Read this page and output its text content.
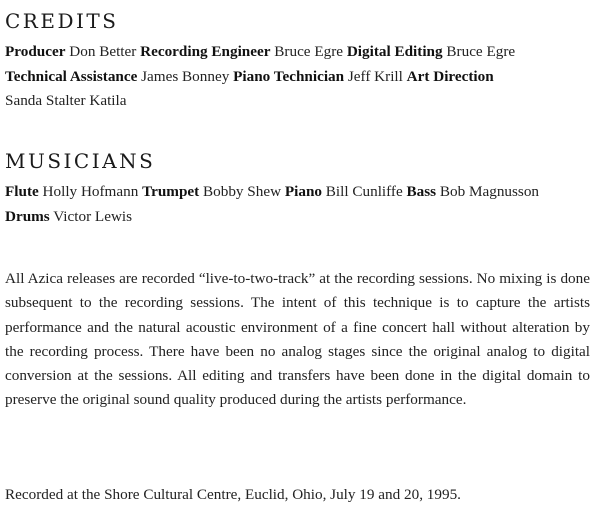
CREDITS
Producer Don Better Recording Engineer Bruce Egre Digital Editing Bruce Egre
Technical Assistance James Bonney Piano Technician Jeff Krill Art Direction
Sanda Stalter Katila
MUSICIANS
Flute Holly Hofmann Trumpet Bobby Shew Piano Bill Cunliffe Bass Bob Magnusson
Drums Victor Lewis

All Azica releases are recorded “live-to-two-track” at the recording sessions. No mixing is done subsequent to the recording sessions. The intent of this technique is to capture the artists performance and the natural acoustic environment of a fine concert hall without alteration by the recording process. There have been no analog stages since the original analog to digital conversion at the sessions. All editing and transfers have been done in the digital domain to preserve the original sound quality produced during the artists performance.

Recorded at the Shore Cultural Centre, Euclid, Ohio, July 19 and 20, 1995.
